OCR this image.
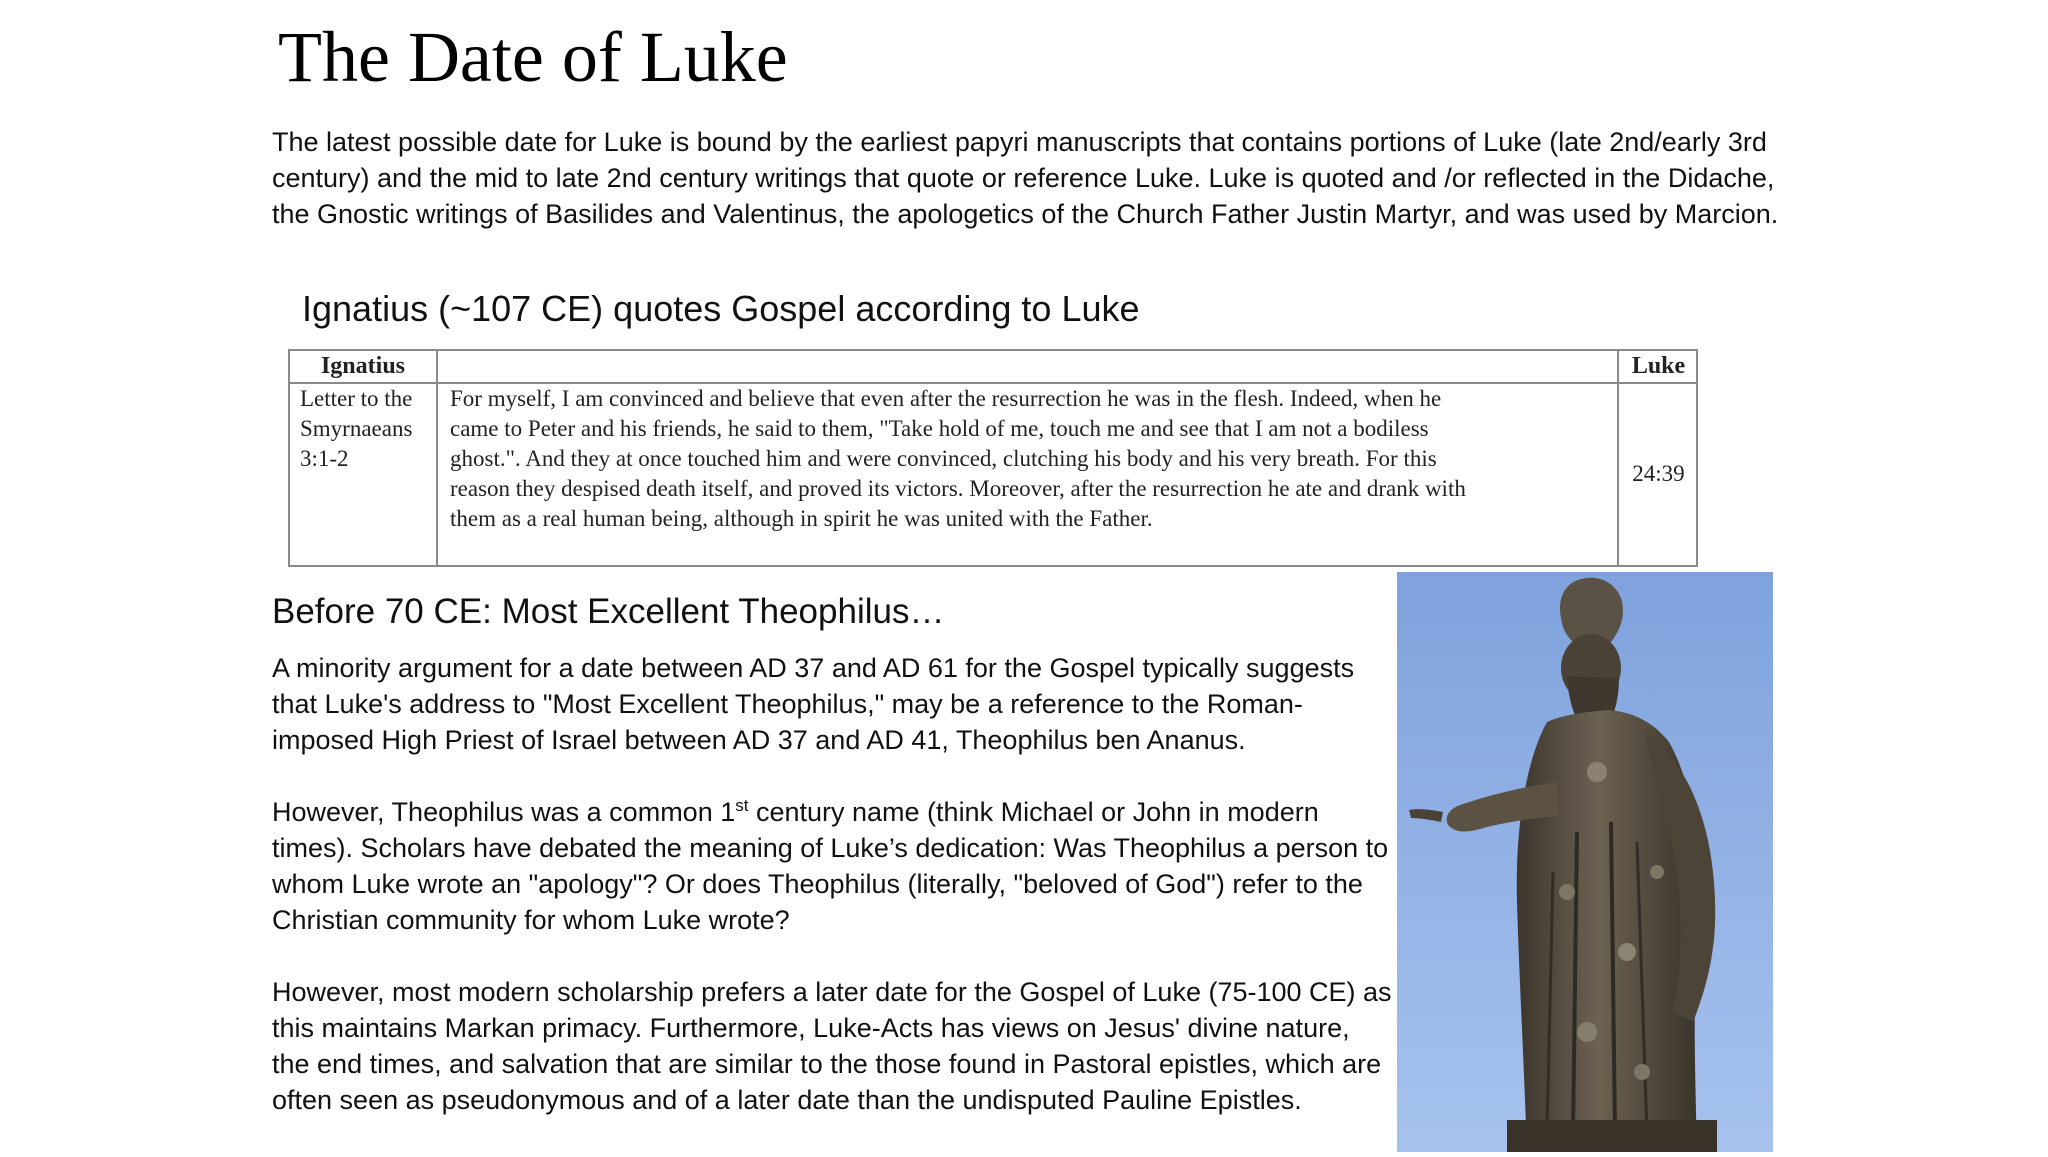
The Date of Luke

The latest possible date for Luke is bound by the earliest papyri manuscripts that contains portions of Luke (late 2nd/early 3rd century) and the mid to late 2nd century writings that quote or reference Luke. Luke is quoted and /or reflected in the Didache, the Gnostic writings of Basilides and Valentinus, the apologetics of the Church Father Justin Martyr, and was used by Marcion.

Ignatius (~107 CE) quotes Gospel according to Luke
Ignatius	Luke
Letter to the
Smyrnaeans
3:1-2
For myself, I am convinced and believe that even after the resurrection he was in the flesh. Indeed, when he
came to Peter and his friends, he said to them, "Take hold of me, touch me and see that I am not a bodiless
ghost.". And they at once touched him and were convinced, clutching his body and his very breath. For this
reason they despised death itself, and proved its victors. Moreover, after the resurrection he ate and drank with
them as a real human being, although in spirit he was united with the Father.
24:39
Before 70 CE: Most Excellent Theophilus…

A minority argument for a date between AD 37 and AD 61 for the Gospel typically suggests that Luke's address to "Most Excellent Theophilus," may be a reference to the Roman-imposed High Priest of Israel between AD 37 and AD 41, Theophilus ben Ananus.

However, Theophilus was a common 1st century name (think Michael or John in modern times). Scholars have debated the meaning of Luke’s dedication: Was Theophilus a person to whom Luke wrote an "apology"? Or does Theophilus (literally, "beloved of God") refer to the Christian community for whom Luke wrote?

However, most modern scholarship prefers a later date for the Gospel of Luke (75-100 CE) as this maintains Markan primacy. Furthermore, Luke-Acts has views on Jesus' divine nature, the end times, and salvation that are similar to the those found in Pastoral epistles, which are often seen as pseudonymous and of a later date than the undisputed Pauline Epistles.
